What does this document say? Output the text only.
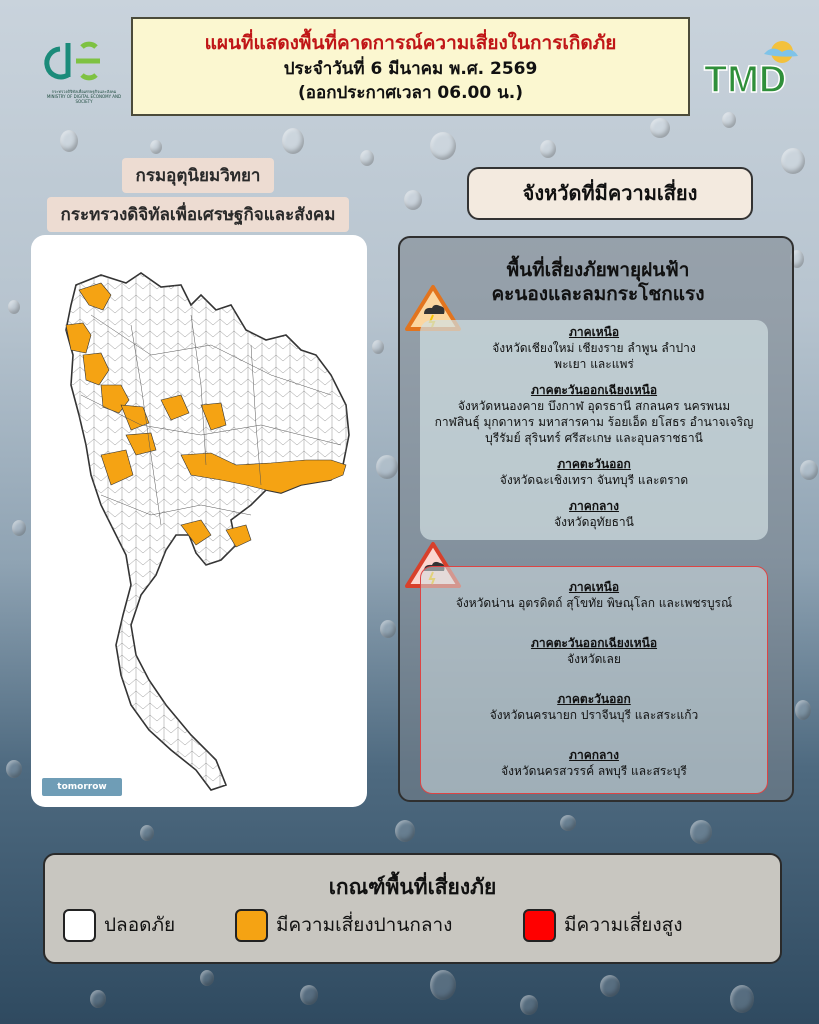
กระทรวงดิจิทัลเพื่อเศรษฐกิจและสังคม
MINISTRY OF DIGITAL ECONOMY AND SOCIETY
แผนที่แสดงพื้นที่คาดการณ์ความเสี่ยงในการเกิดภัย
ประจำวันที่ 6 มีนาคม พ.ศ. 2569
(ออกประกาศเวลา 06.00 น.)	TMD
กรมอุตุนิยมวิทยา
กระทรวงดิจิทัลเพื่อเศรษฐกิจและสังคม
tomorrow
จังหวัดที่มีความเสี่ยง
พื้นที่เสี่ยงภัยพายุฝนฟ้า
คะนองและลมกระโชกแรง
ภาคเหนือ
จังหวัดเชียงใหม่ เชียงราย ลำพูน ลำปาง
พะเยา และแพร่
ภาคตะวันออกเฉียงเหนือ
จังหวัดหนองคาย บึงกาฬ อุดรธานี สกลนคร นครพนม
กาฬสินธุ์ มุกดาหาร มหาสารคาม ร้อยเอ็ด ยโสธร อำนาจเจริญ
บุรีรัมย์ สุรินทร์ ศรีสะเกษ และอุบลราชธานี
ภาคตะวันออก
จังหวัดฉะเชิงเทรา จันทบุรี และตราด
ภาคกลาง
จังหวัดอุทัยธานี
ภาคเหนือ
จังหวัดน่าน อุตรดิตถ์ สุโขทัย พิษณุโลก และเพชรบูรณ์
ภาคตะวันออกเฉียงเหนือ
จังหวัดเลย
ภาคตะวันออก
จังหวัดนครนายก ปราจีนบุรี และสระแก้ว
ภาคกลาง
จังหวัดนครสวรรค์ ลพบุรี และสระบุรี
เกณฑ์พื้นที่เสี่ยงภัย
ปลอดภัย	มีความเสี่ยงปานกลาง	มีความเสี่ยงสูง
